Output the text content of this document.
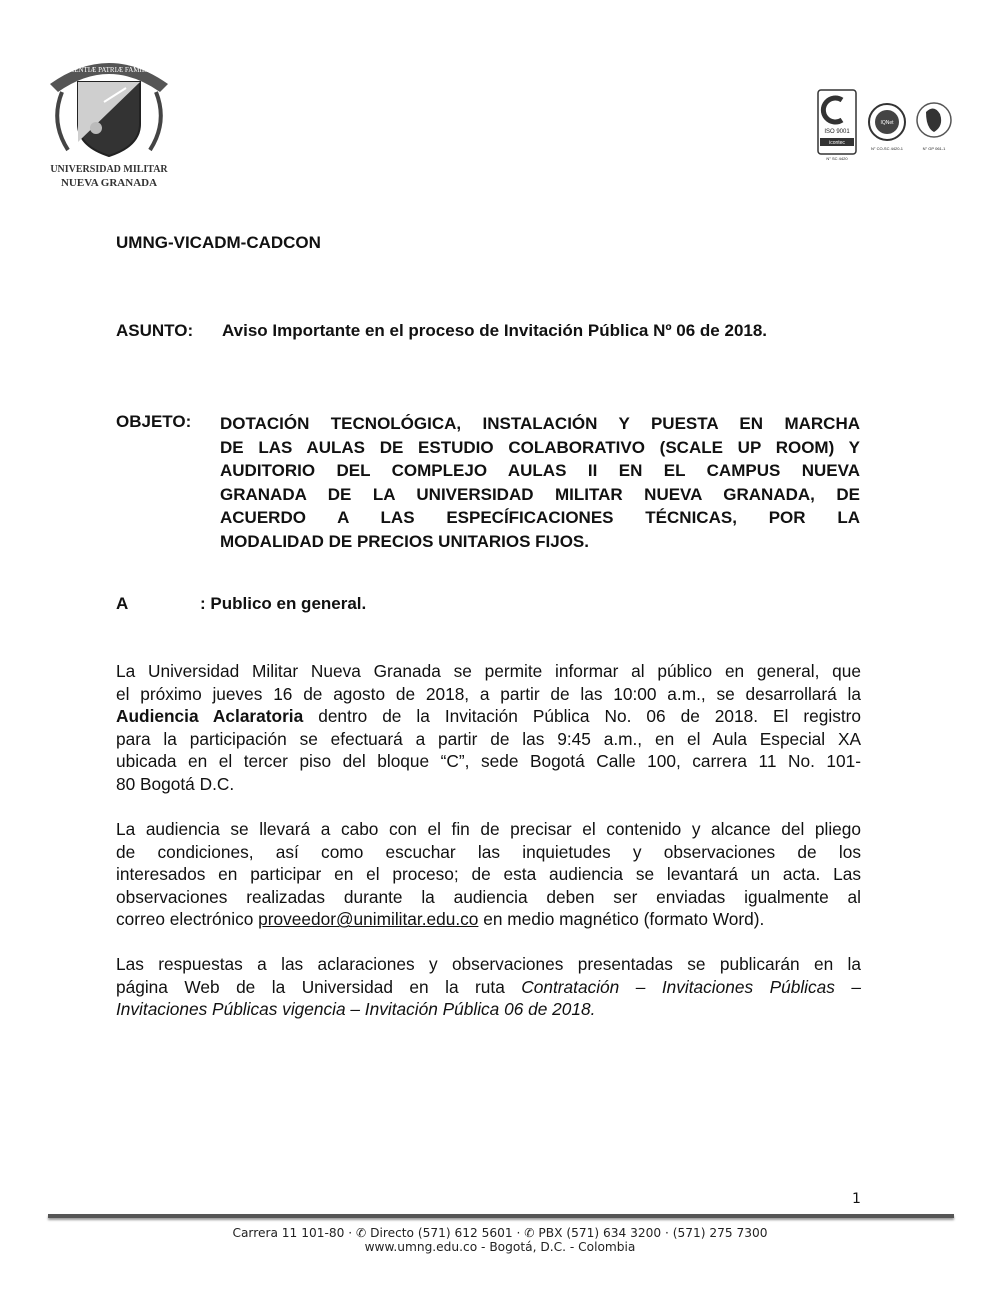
SCIENTIÆ PATRIÆ FAMILIÆ
UNIVERSIDAD MILITAR
NUEVA GRANADA
ISO 9001
icontec
N° SC 4420
IQNet
N° CO-SC 4420-1	N° GP 061-1
UMNG-VICADM-CADCON
ASUNTO: Aviso Importante en el proceso de Invitación Pública Nº 06 de 2018.
OBJETO: DOTACIÓN TECNOLÓGICA, INSTALACIÓN Y PUESTA EN MARCHA
DE LAS AULAS DE ESTUDIO COLABORATIVO (SCALE UP ROOM) Y
AUDITORIO DEL COMPLEJO AULAS II EN EL CAMPUS NUEVA
GRANADA DE LA UNIVERSIDAD MILITAR NUEVA GRANADA, DE
ACUERDO A LAS ESPECÍFICACIONES TÉCNICAS, POR LA
MODALIDAD DE PRECIOS UNITARIOS FIJOS.
A	: Publico en general.
La Universidad Militar Nueva Granada se permite informar al público en general, que
el próximo jueves 16 de agosto de 2018, a partir de las 10:00 a.m., se desarrollará la
Audiencia Aclaratoria dentro de la Invitación Pública No. 06 de 2018. El registro
para la participación se efectuará a partir de las 9:45 a.m., en el Aula Especial XA
ubicada en el tercer piso del bloque “C”, sede Bogotá Calle 100, carrera 11 No. 101-
80 Bogotá D.C.
La audiencia se llevará a cabo con el fin de precisar el contenido y alcance del pliego
de condiciones, así como escuchar las inquietudes y observaciones de los
interesados en participar en el proceso; de esta audiencia se levantará un acta. Las
observaciones realizadas durante la audiencia deben ser enviadas igualmente al
correo electrónico proveedor@unimilitar.edu.co en medio magnético (formato Word).
Las respuestas a las aclaraciones y observaciones presentadas se publicarán en la
página Web de la Universidad en la ruta Contratación – Invitaciones Públicas –
Invitaciones Públicas vigencia – Invitación Pública 06 de 2018.
1
Carrera 11 101-80 · ✆ Directo (571) 612 5601 · ✆ PBX (571) 634 3200 · (571) 275 7300
www.umng.edu.co - Bogotá, D.C. - Colombia
